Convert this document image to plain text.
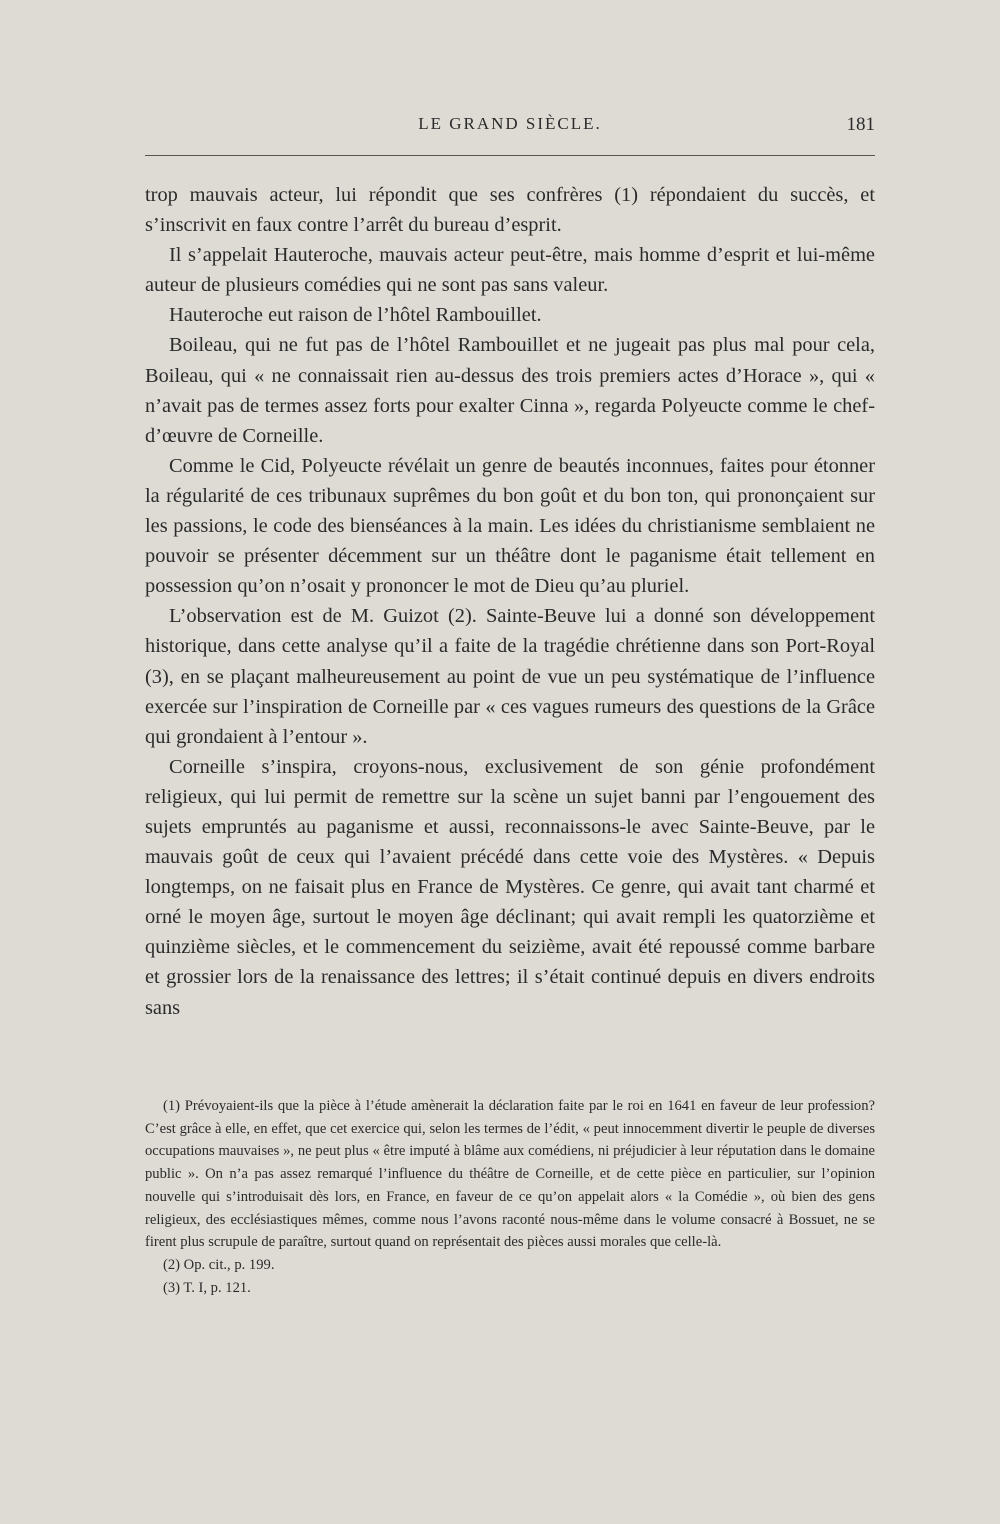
LE GRAND SIÈCLE.	181

trop mauvais acteur, lui répondit que ses confrères (1) répondaient du succès, et s’inscrivit en faux contre l’arrêt du bureau d’esprit.

Il s’appelait Hauteroche, mauvais acteur peut-être, mais homme d’esprit et lui-même auteur de plusieurs comédies qui ne sont pas sans valeur.

Hauteroche eut raison de l’hôtel Rambouillet.

Boileau, qui ne fut pas de l’hôtel Rambouillet et ne jugeait pas plus mal pour cela, Boileau, qui « ne connaissait rien au-dessus des trois premiers actes d’Horace », qui « n’avait pas de termes assez forts pour exalter Cinna », regarda Polyeucte comme le chef-d’œuvre de Corneille.

Comme le Cid, Polyeucte révélait un genre de beautés inconnues, faites pour étonner la régularité de ces tribunaux suprêmes du bon goût et du bon ton, qui prononçaient sur les passions, le code des bienséances à la main. Les idées du christianisme semblaient ne pouvoir se présenter décemment sur un théâtre dont le paganisme était tellement en possession qu’on n’osait y prononcer le mot de Dieu qu’au pluriel.

L’observation est de M. Guizot (2). Sainte-Beuve lui a donné son développement historique, dans cette analyse qu’il a faite de la tragédie chrétienne dans son Port-Royal (3), en se plaçant malheureusement au point de vue un peu systématique de l’influence exercée sur l’inspiration de Corneille par « ces vagues rumeurs des questions de la Grâce qui grondaient à l’entour ».

Corneille s’inspira, croyons-nous, exclusivement de son génie profondément religieux, qui lui permit de remettre sur la scène un sujet banni par l’engouement des sujets empruntés au paganisme et aussi, reconnaissons-le avec Sainte-Beuve, par le mauvais goût de ceux qui l’avaient précédé dans cette voie des Mystères. « Depuis longtemps, on ne faisait plus en France de Mystères. Ce genre, qui avait tant charmé et orné le moyen âge, surtout le moyen âge déclinant; qui avait rempli les quatorzième et quinzième siècles, et le commencement du seizième, avait été repoussé comme barbare et grossier lors de la renaissance des lettres; il s’était continué depuis en divers endroits sans

(1) Prévoyaient-ils que la pièce à l’étude amènerait la déclaration faite par le roi en 1641 en faveur de leur profession? C’est grâce à elle, en effet, que cet exercice qui, selon les termes de l’édit, « peut innocemment divertir le peuple de diverses occupations mauvaises », ne peut plus « être imputé à blâme aux comédiens, ni préjudicier à leur réputation dans le domaine public ». On n’a pas assez remarqué l’influence du théâtre de Corneille, et de cette pièce en particulier, sur l’opinion nouvelle qui s’introduisait dès lors, en France, en faveur de ce qu’on appelait alors « la Comédie », où bien des gens religieux, des ecclésiastiques mêmes, comme nous l’avons raconté nous-même dans le volume consacré à Bossuet, ne se firent plus scrupule de paraître, surtout quand on représentait des pièces aussi morales que celle-là.

(2) Op. cit., p. 199.

(3) T. I, p. 121.
